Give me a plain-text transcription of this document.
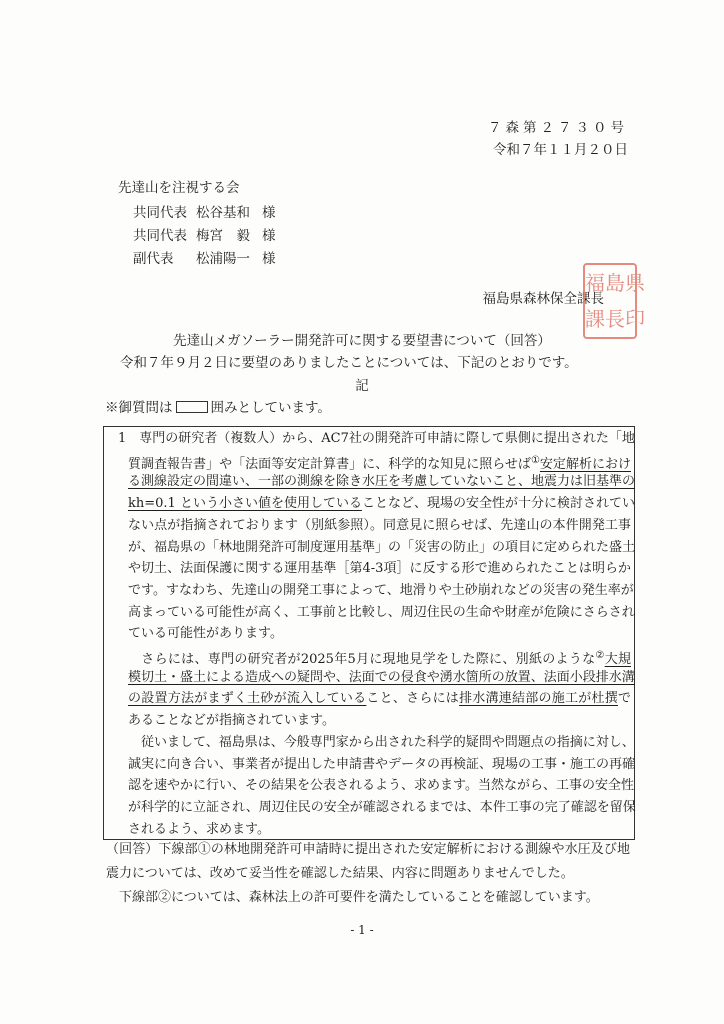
７森第２７３０号
令和７年１１月２０日
先達山を注視する会
共同代表 松谷基和 様
共同代表 梅宮　毅 様
副代表 松浦陽一 様
福島県森林保全課長
福 島 県
課 長 印
先達山メガソーラー開発許可に関する要望書について（回答）
令和７年９月２日に要望のありましたことについては、下記のとおりです。
記
※御質問は	囲みとしています。
1　専門の研究者（複数人）から、AC7社の開発許可申請に際して県側に提出された「地
質調査報告書」や「法面等安定計算書」に、科学的な知見に照らせば①安定解析におけ
る測線設定の間違い、一部の測線を除き水圧を考慮していないこと、地震力は旧基準の
kh=0.1 という小さい値を使用していることなど、現場の安全性が十分に検討されてい
ない点が指摘されております（別紙参照）。同意見に照らせば、先達山の本件開発工事
が、福島県の「林地開発許可制度運用基準」の「災害の防止」の項目に定められた盛土
や切土、法面保護に関する運用基準［第4-3項］に反する形で進められたことは明らか
です。すなわち、先達山の開発工事によって、地滑りや土砂崩れなどの災害の発生率が
高まっている可能性が高く、工事前と比較し、周辺住民の生命や財産が危険にさらされ
ている可能性があります。
　さらには、専門の研究者が2025年5月に現地見学をした際に、別紙のような②大規
模切土・盛土による造成への疑問や、法面での侵食や湧水箇所の放置、法面小段排水溝
の設置方法がまずく土砂が流入していること、さらには排水溝連結部の施工が杜撰で
あることなどが指摘されています。
　従いまして、福島県は、今般専門家から出された科学的疑問や問題点の指摘に対し、
誠実に向き合い、事業者が提出した申請書やデータの再検証、現場の工事・施工の再確
認を速やかに行い、その結果を公表されるよう、求めます。当然ながら、工事の安全性
が科学的に立証され、周辺住民の安全が確認されるまでは、本件工事の完了確認を留保
されるよう、求めます。
（回答）下線部①の林地開発許可申請時に提出された安定解析における測線や水圧及び地
震力については、改めて妥当性を確認した結果、内容に問題ありませんでした。
　下線部②については、森林法上の許可要件を満たしていることを確認しています。
- 1 -
